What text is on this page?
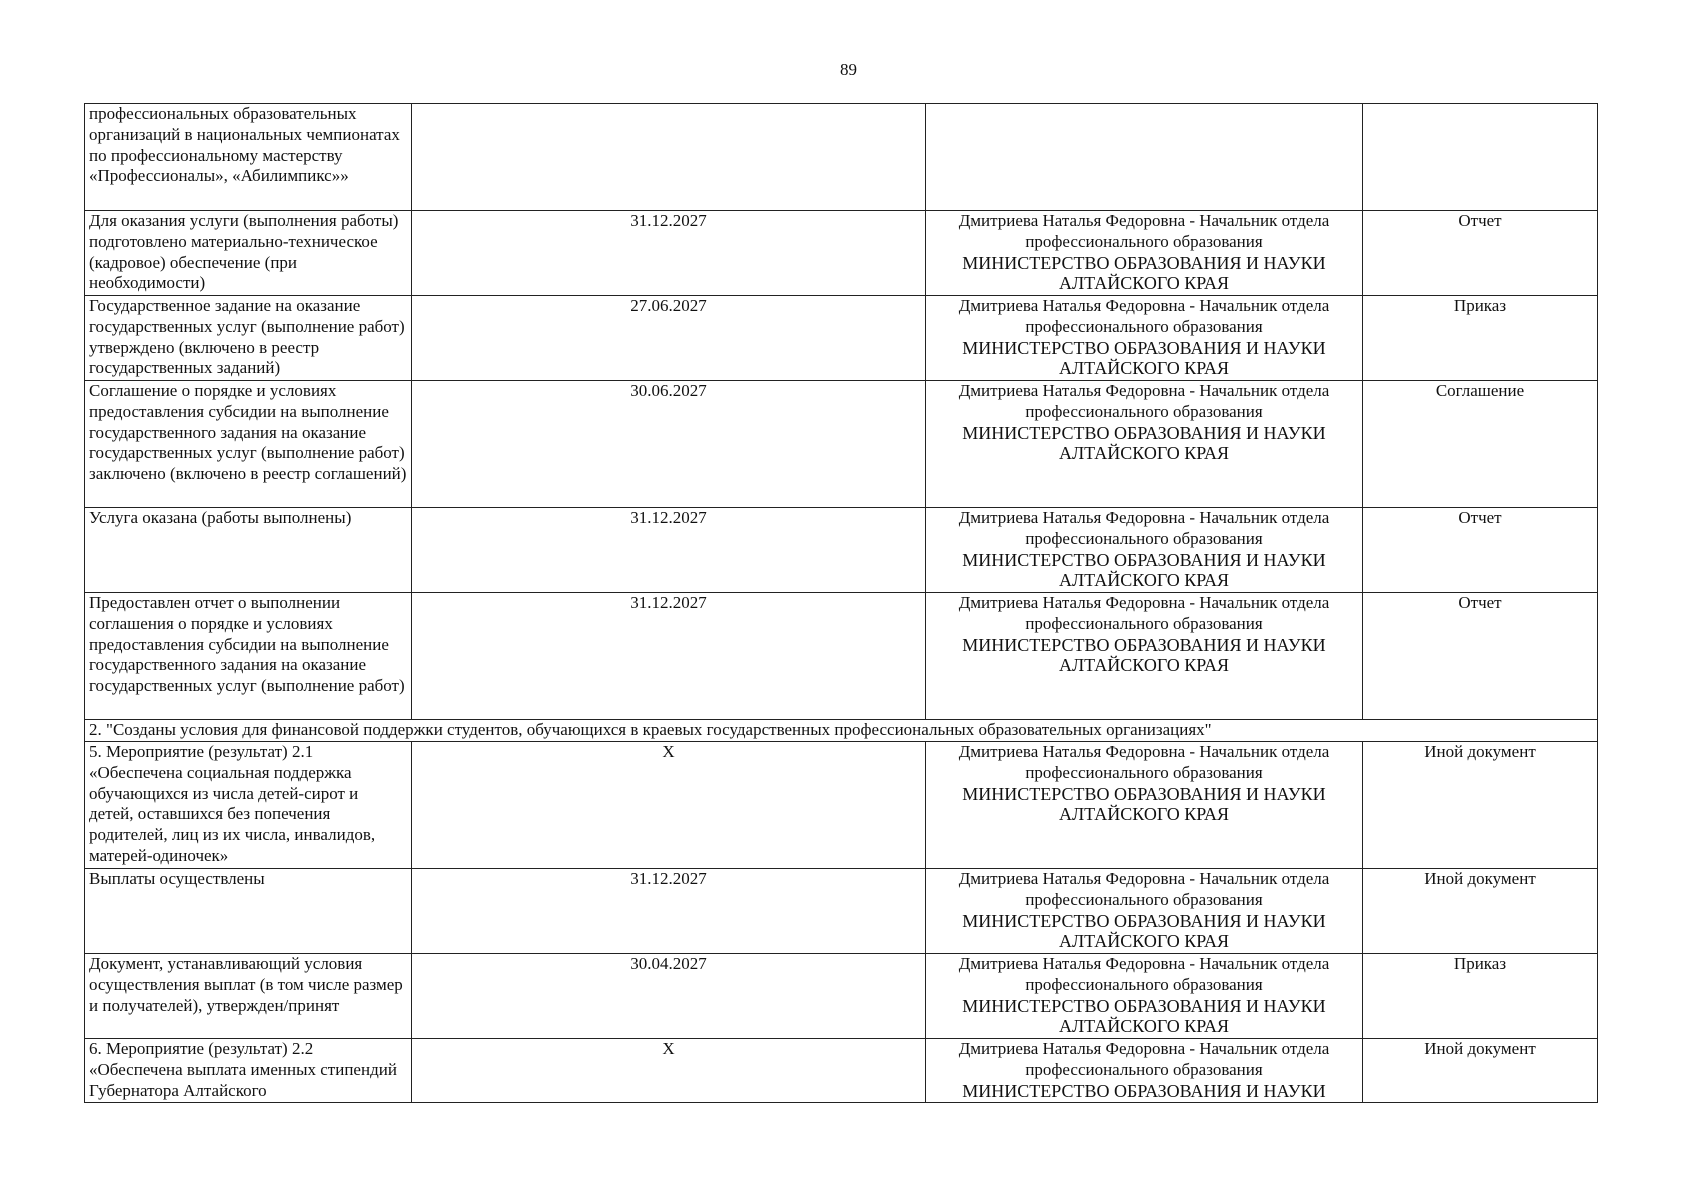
89
профессиональных образовательных организаций в национальных чемпионатах по профессиональному мастерству «Профессионалы», «Абилимпикс»»		

Для оказания услуги (выполнения работы) подготовлено материально-техническое (кадровое) обеспечение (при необходимости)	31.12.2027	Дмитриева Наталья Федоровна - Начальник отдела
профессионального образования
МИНИСТЕРСТВО ОБРАЗОВАНИЯ И НАУКИ АЛТАЙСКОГО КРАЯ	Отчет
Государственное задание на оказание государственных услуг (выполнение работ) утверждено (включено в реестр государственных заданий)	27.06.2027	Дмитриева Наталья Федоровна - Начальник отдела
профессионального образования
МИНИСТЕРСТВО ОБРАЗОВАНИЯ И НАУКИ АЛТАЙСКОГО КРАЯ	Приказ
Соглашение о порядке и условиях предоставления субсидии на выполнение государственного задания на оказание государственных услуг (выполнение работ) заключено (включено в реестр соглашений)	30.06.2027	Дмитриева Наталья Федоровна - Начальник отдела
профессионального образования
МИНИСТЕРСТВО ОБРАЗОВАНИЯ И НАУКИ АЛТАЙСКОГО КРАЯ	Соглашение
Услуга оказана (работы выполнены)	31.12.2027	Дмитриева Наталья Федоровна - Начальник отдела
профессионального образования
МИНИСТЕРСТВО ОБРАЗОВАНИЯ И НАУКИ АЛТАЙСКОГО КРАЯ	Отчет
Предоставлен отчет о выполнении соглашения о порядке и условиях предоставления субсидии на выполнение государственного задания на оказание государственных услуг (выполнение работ)	31.12.2027	Дмитриева Наталья Федоровна - Начальник отдела
профессионального образования
МИНИСТЕРСТВО ОБРАЗОВАНИЯ И НАУКИ АЛТАЙСКОГО КРАЯ	Отчет
2. "Созданы условия для финансовой поддержки студентов, обучающихся в краевых государственных профессиональных образовательных организациях"			
5. Мероприятие (результат) 2.1 «Обеспечена социальная поддержка обучающихся из числа детей-сирот и детей, оставшихся без попечения родителей, лиц из их числа, инвалидов, матерей-одиночек»	X	Дмитриева Наталья Федоровна - Начальник отдела
профессионального образования
МИНИСТЕРСТВО ОБРАЗОВАНИЯ И НАУКИ АЛТАЙСКОГО КРАЯ	Иной документ
Выплаты осуществлены	31.12.2027	Дмитриева Наталья Федоровна - Начальник отдела
профессионального образования
МИНИСТЕРСТВО ОБРАЗОВАНИЯ И НАУКИ АЛТАЙСКОГО КРАЯ	Иной документ
Документ, устанавливающий условия осуществления выплат (в том числе размер и получателей), утвержден/принят	30.04.2027	Дмитриева Наталья Федоровна - Начальник отдела
профессионального образования
МИНИСТЕРСТВО ОБРАЗОВАНИЯ И НАУКИ АЛТАЙСКОГО КРАЯ	Приказ
6. Мероприятие (результат) 2.2 «Обеспечена выплата именных стипендий Губернатора Алтайского	X	Дмитриева Наталья Федоровна - Начальник отдела
профессионального образования
МИНИСТЕРСТВО ОБРАЗОВАНИЯ И НАУКИ	Иной документ
